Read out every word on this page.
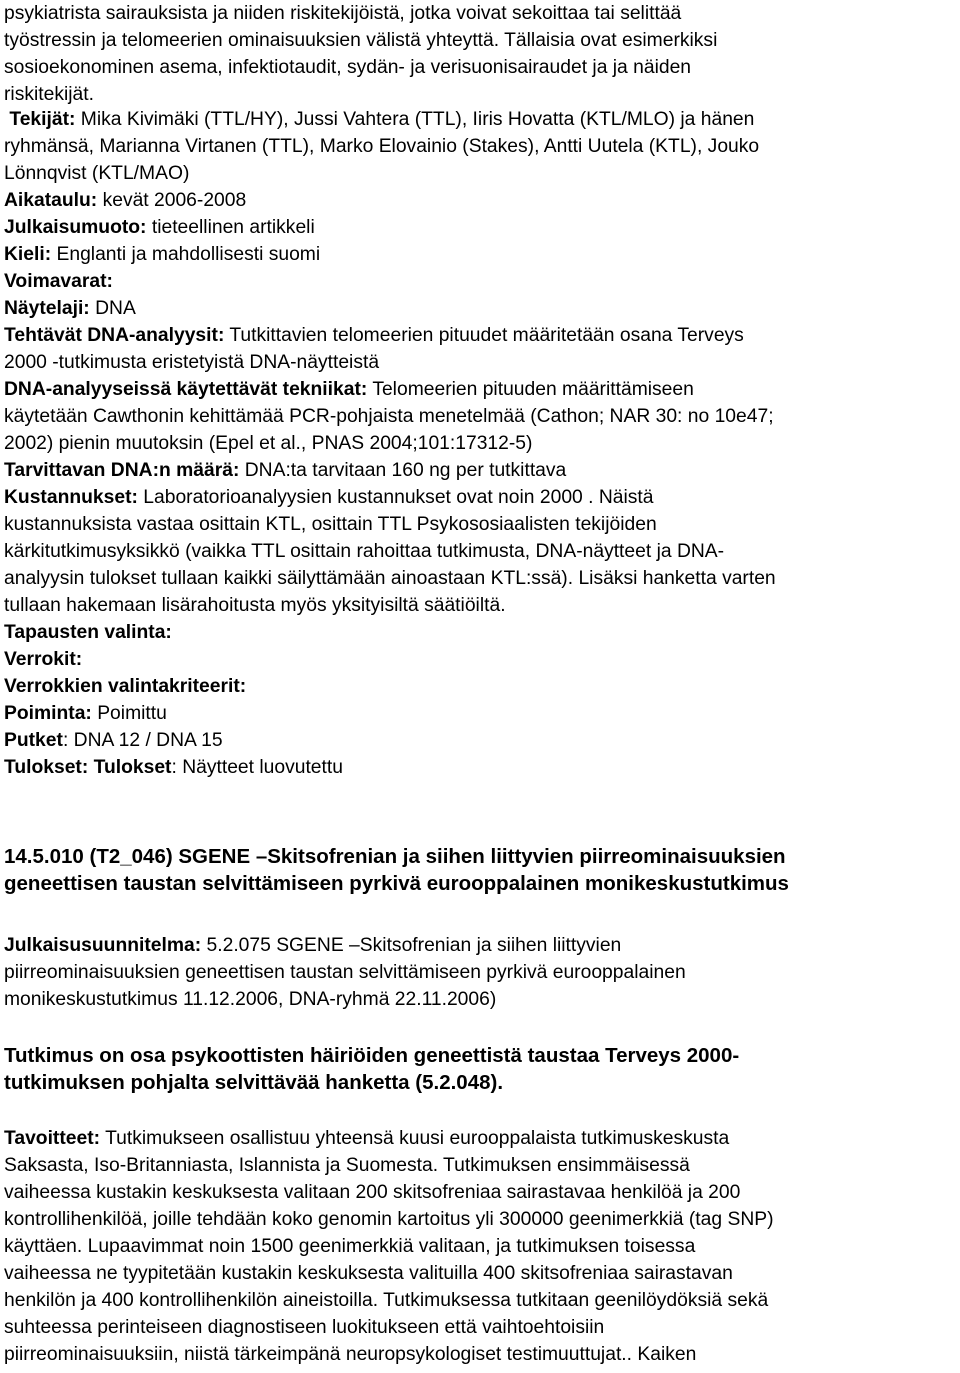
psykiatrista sairauksista ja niiden riskitekijöistä, jotka voivat sekoittaa tai selittää
työstressin ja telomeerien ominaisuuksien välistä yhteyttä. Tällaisia ovat esimerkiksi
sosioekonominen asema, infektiotaudit, sydän- ja verisuonisairaudet ja ja näiden
riskitekijät.
Tekijät: Mika Kivimäki (TTL/HY), Jussi Vahtera (TTL), Iiris Hovatta (KTL/MLO) ja hänen
ryhmänsä, Marianna Virtanen (TTL), Marko Elovainio (Stakes), Antti Uutela (KTL), Jouko
Lönnqvist (KTL/MAO)
Aikataulu: kevät 2006-2008
Julkaisumuoto: tieteellinen artikkeli
Kieli: Englanti ja mahdollisesti suomi
Voimavarat:
Näytelaji: DNA
Tehtävät DNA-analyysit: Tutkittavien telomeerien pituudet määritetään osana Terveys
2000 -tutkimusta eristetyistä DNA-näytteistä
DNA-analyyseissä käytettävät tekniikat: Telomeerien pituuden määrittämiseen
käytetään Cawthonin kehittämää PCR-pohjaista menetelmää (Cathon; NAR 30: no 10e47;
2002) pienin muutoksin (Epel et al., PNAS 2004;101:17312-5)
Tarvittavan DNA:n määrä: DNA:ta tarvitaan 160 ng per tutkittava
Kustannukset: Laboratorioanalyysien kustannukset ovat noin 2000 . Näistä
kustannuksista vastaa osittain KTL, osittain TTL Psykososiaalisten tekijöiden
kärkitutkimusyksikkö (vaikka TTL osittain rahoittaa tutkimusta, DNA-näytteet ja DNA-
analyysin tulokset tullaan kaikki säilyttämään ainoastaan KTL:ssä). Lisäksi hanketta varten
tullaan hakemaan lisärahoitusta myös yksityisiltä säätiöiltä.
Tapausten valinta:
Verrokit:
Verrokkien valintakriteerit:
Poiminta: Poimittu
Putket: DNA 12 / DNA 15
Tulokset: Tulokset: Näytteet luovutettu
14.5.010 (T2_046) SGENE –Skitsofrenian ja siihen liittyvien piirreominaisuuksien
geneettisen taustan selvittämiseen pyrkivä eurooppalainen monikeskustutkimus
Julkaisusuunnitelma: 5.2.075 SGENE –Skitsofrenian ja siihen liittyvien
piirreominaisuuksien geneettisen taustan selvittämiseen pyrkivä eurooppalainen
monikeskustutkimus 11.12.2006, DNA-ryhmä 22.11.2006)
Tutkimus on osa psykoottisten häiriöiden geneettistä taustaa Terveys 2000-
tutkimuksen pohjalta selvittävää hanketta (5.2.048).
Tavoitteet: Tutkimukseen osallistuu yhteensä kuusi eurooppalaista tutkimuskeskusta
Saksasta, Iso-Britanniasta, Islannista ja Suomesta. Tutkimuksen ensimmäisessä
vaiheessa kustakin keskuksesta valitaan 200 skitsofreniaa sairastavaa henkilöä ja 200
kontrollihenkilöä, joille tehdään koko genomin kartoitus yli 300000 geenimerkkiä (tag SNP)
käyttäen. Lupaavimmat noin 1500 geenimerkkiä valitaan, ja tutkimuksen toisessa
vaiheessa ne tyypitetään kustakin keskuksesta valituilla 400 skitsofreniaa sairastavan
henkilön ja 400 kontrollihenkilön aineistoilla. Tutkimuksessa tutkitaan geenilöydöksiä sekä
suhteessa perinteiseen diagnostiseen luokitukseen että vaihtoehtoisiin
piirreominaisuuksiin, niistä tärkeimpänä neuropsykologiset testimuuttujat.. Kaiken
